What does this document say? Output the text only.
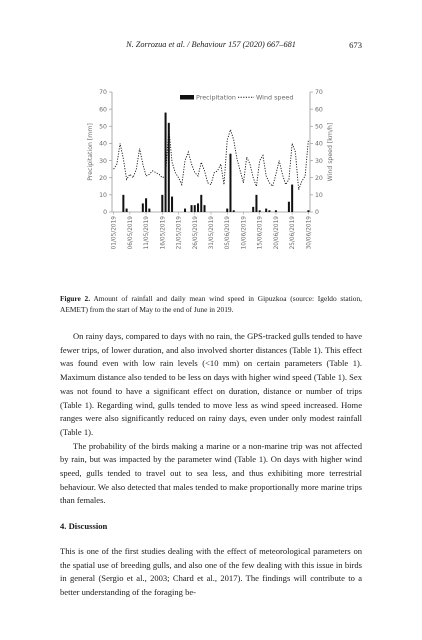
N. Zorrozua et al. / Behaviour 157 (2020) 667–681	673
0	0
10	10
20	20
30	30
40	40
50	50
60	60
70	70
Precipitation [mm]	Wind speed [km/h]
01/05/2019 06/05/2019 11/05/2019 16/05/2019 21/05/2019 26/05/2019 31/05/2019 05/06/2019 10/06/2019 15/06/2019 20/06/2019 25/06/2019 30/06/2019
Precipitation	Wind speed
Figure 2. Amount of rainfall and daily mean wind speed in Gipuzkoa (source: Igeldo station, AEMET) from the start of May to the end of June in 2019.

On rainy days, compared to days with no rain, the GPS-tracked gulls tended to have fewer trips, of lower duration, and also involved shorter distances (Table 1). This effect was found even with low rain levels (<10 mm) on certain parameters (Table 1). Maximum distance also tended to be less on days with higher wind speed (Table 1). Sex was not found to have a significant effect on duration, distance or number of trips (Table 1). Regarding wind, gulls tended to move less as wind speed increased. Home ranges were also significantly reduced on rainy days, even under only modest rainfall (Table 1).

The probability of the birds making a marine or a non-marine trip was not affected by rain, but was impacted by the parameter wind (Table 1). On days with higher wind speed, gulls tended to travel out to sea less, and thus exhibiting more terrestrial behaviour. We also detected that males tended to make proportionally more marine trips than females.

4. Discussion

This is one of the first studies dealing with the effect of meteorological parameters on the spatial use of breeding gulls, and also one of the few dealing with this issue in birds in general (Sergio et al., 2003; Chard et al., 2017). The findings will contribute to a better understanding of the foraging be-
